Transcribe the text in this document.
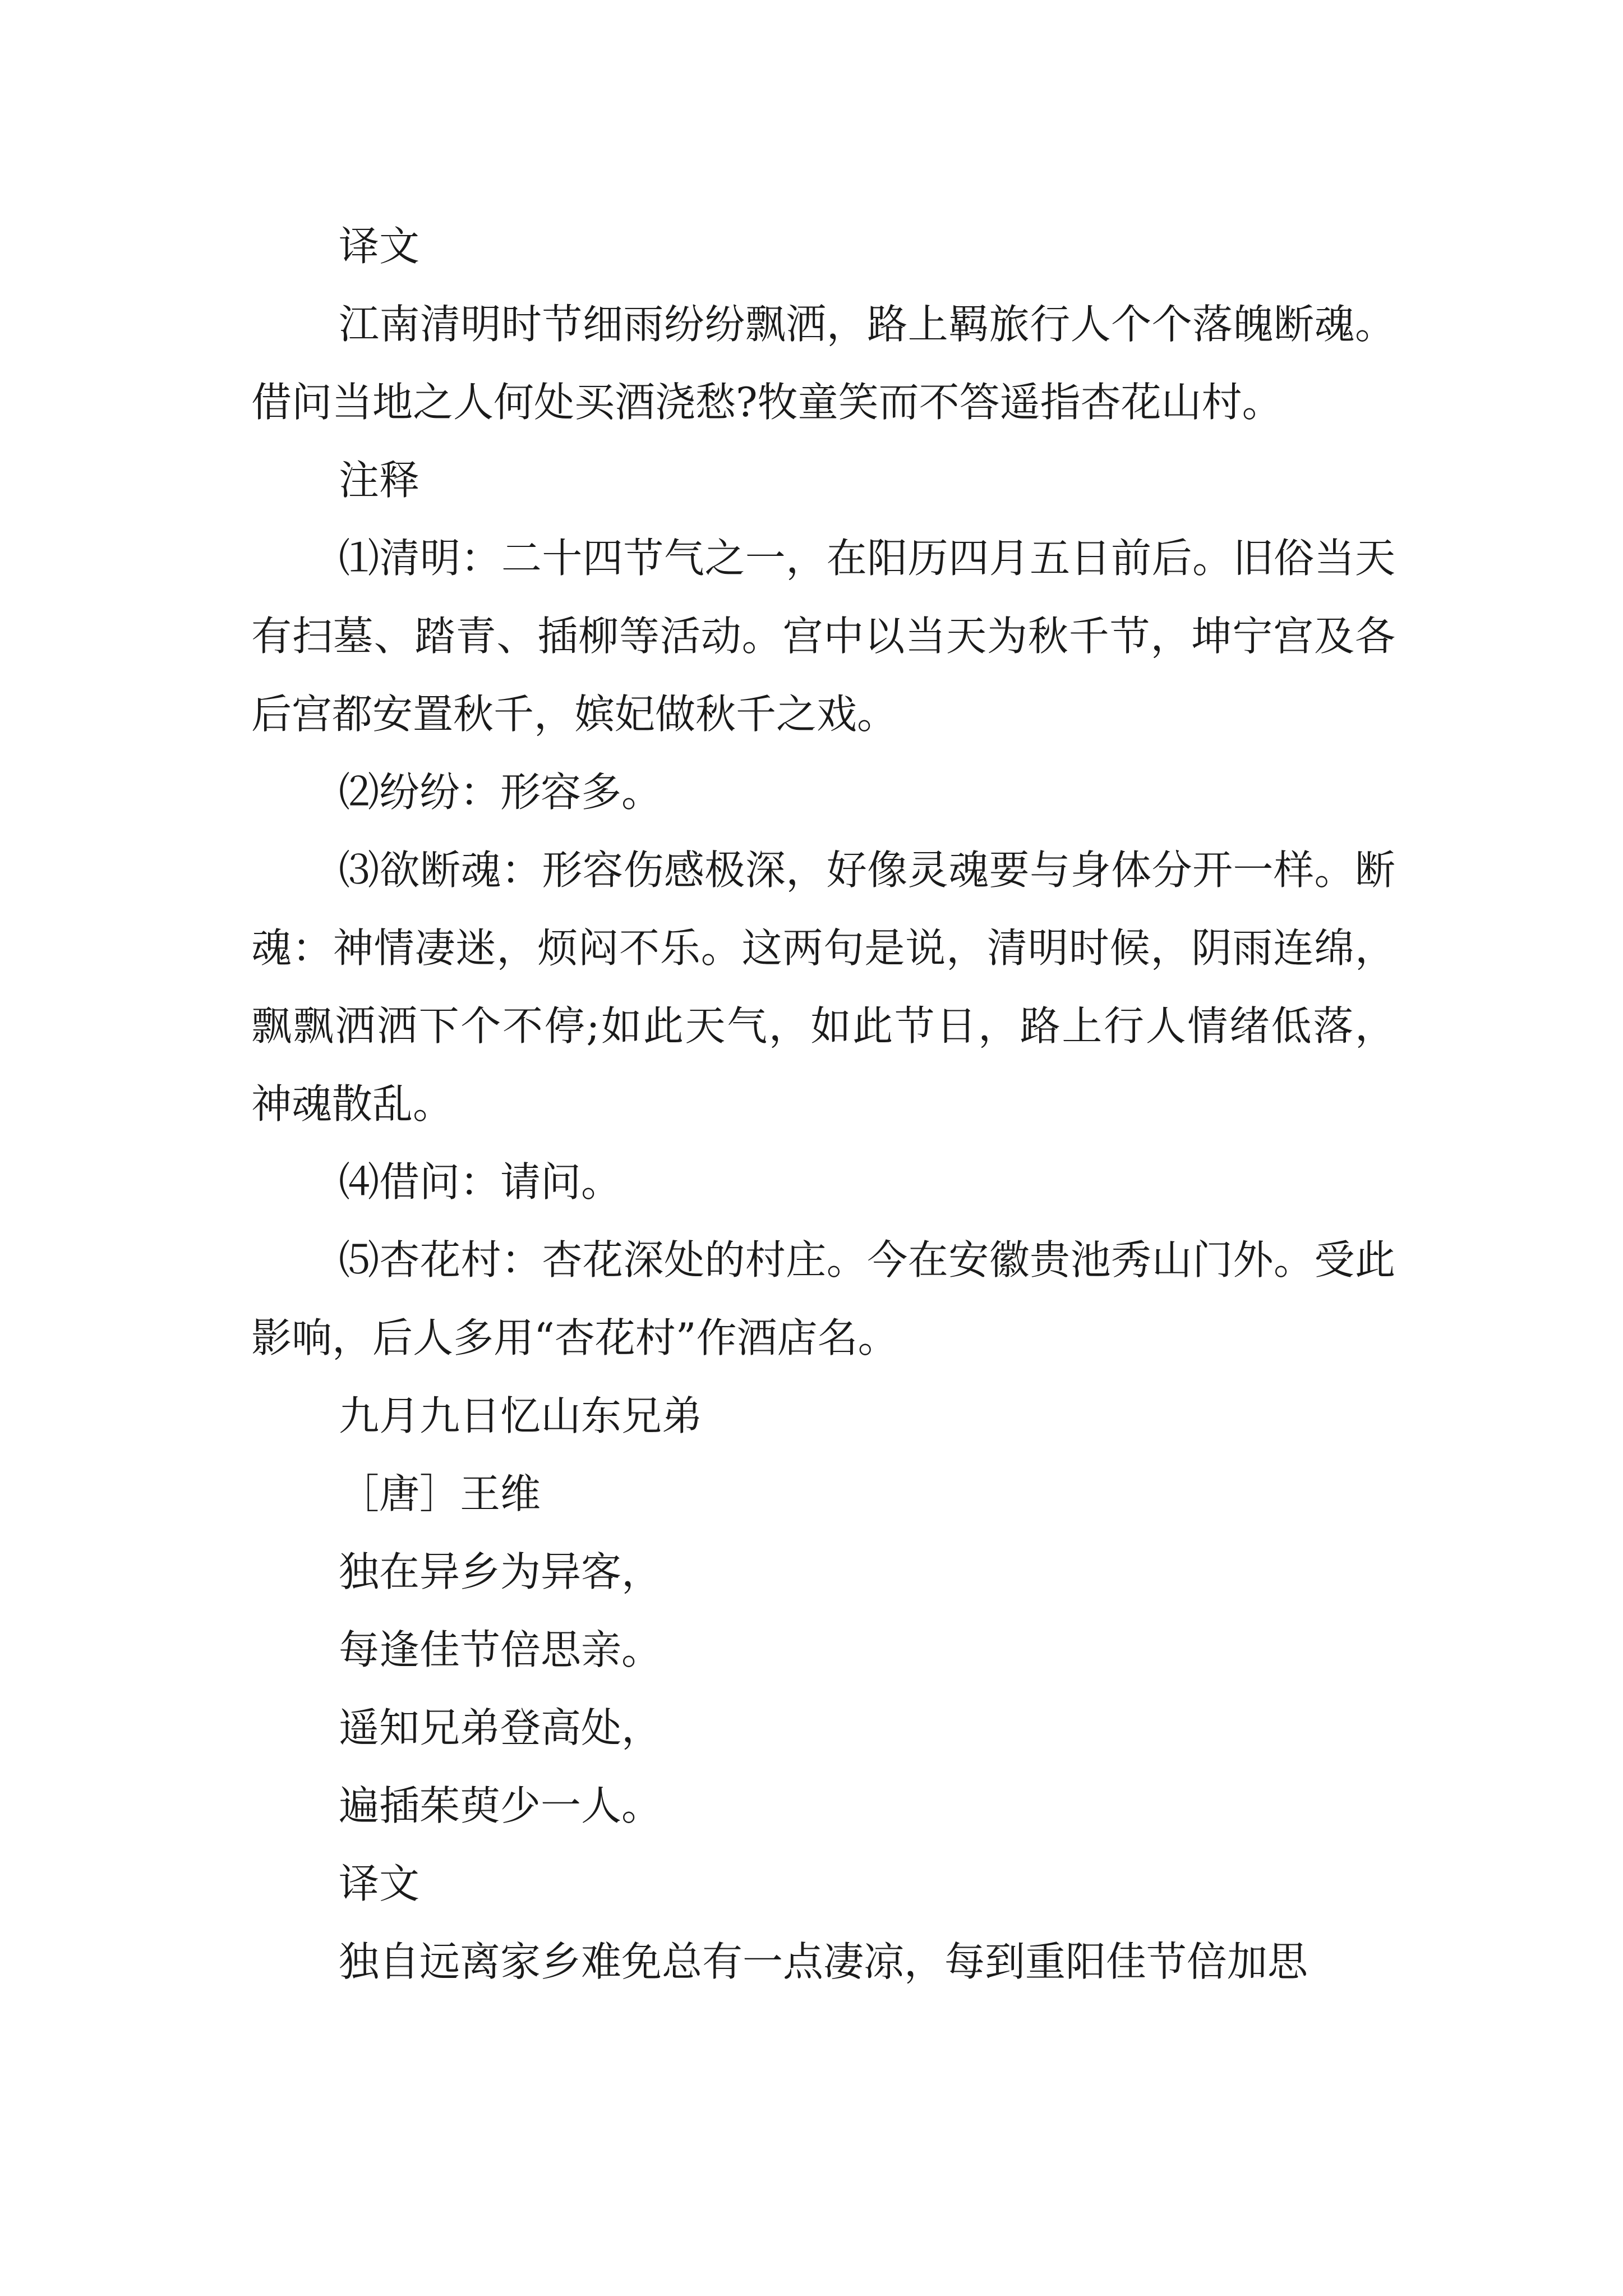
译文

江南清明时节细雨纷纷飘洒，路上羁旅行人个个落魄断魂。借问当地之人何处买酒浇愁?牧童笑而不答遥指杏花山村。

注释

⑴清明：二十四节气之一，在阳历四月五日前后。旧俗当天有扫墓、踏青、插柳等活动。宫中以当天为秋千节，坤宁宫及各后宫都安置秋千，嫔妃做秋千之戏。

⑵纷纷：形容多。

⑶欲断魂：形容伤感极深，好像灵魂要与身体分开一样。断魂：神情凄迷，烦闷不乐。这两句是说，清明时候，阴雨连绵，飘飘洒洒下个不停;如此天气，如此节日，路上行人情绪低落，神魂散乱。

⑷借问：请问。

⑸杏花村：杏花深处的村庄。今在安徽贵池秀山门外。受此影响，后人多用“杏花村”作酒店名。

九月九日忆山东兄弟

［唐］王维

独在异乡为异客，

每逢佳节倍思亲。

遥知兄弟登高处，

遍插茱萸少一人。

译文

独自远离家乡难免总有一点凄凉，每到重阳佳节倍加思
